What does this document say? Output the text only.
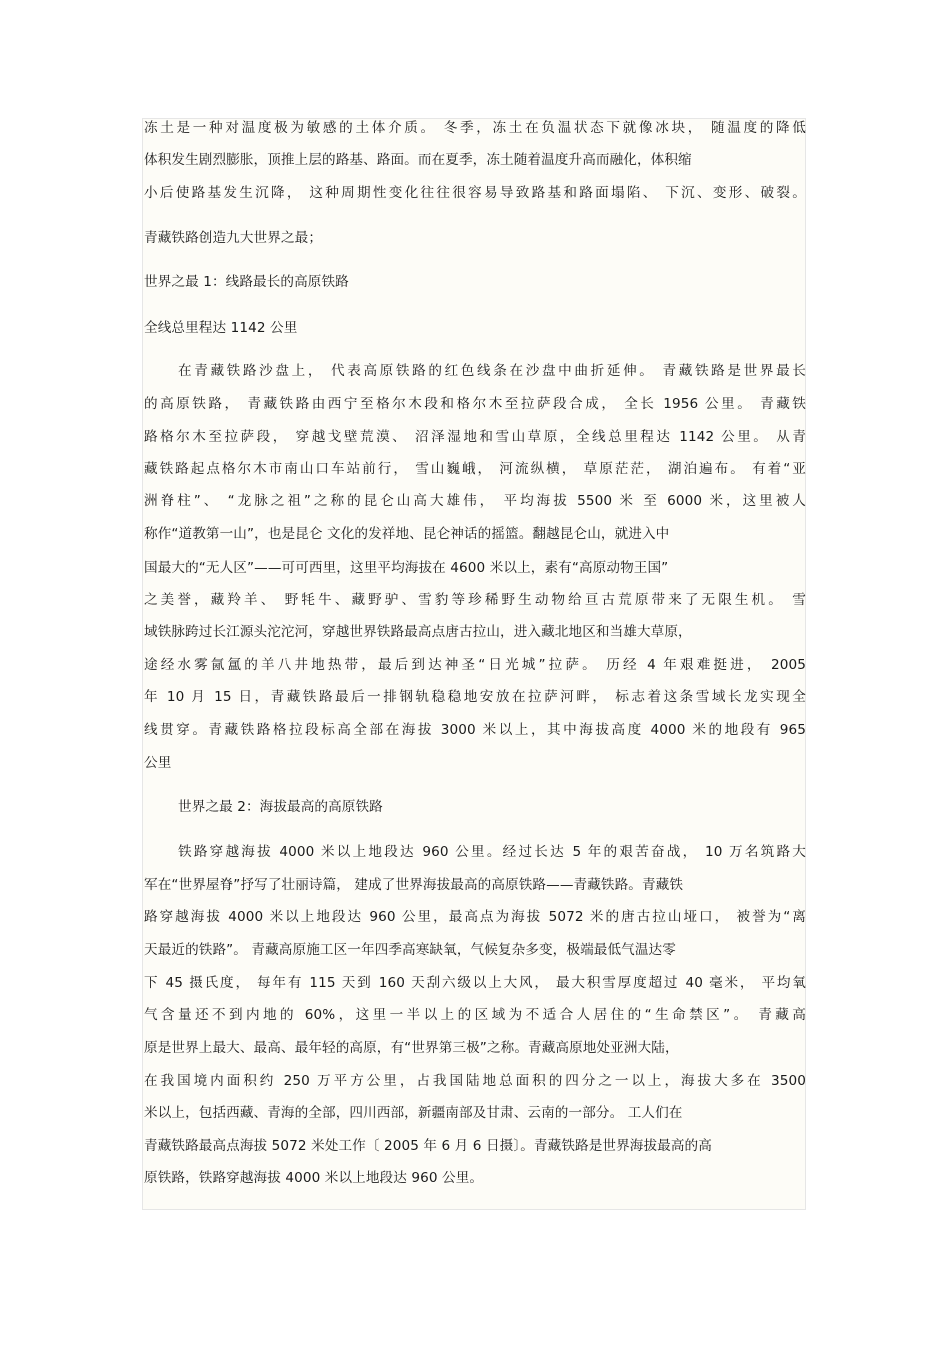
冻土是一种对温度极为敏感的土体介质。 冬季，冻土在负温状态下就像冰块， 随温度的降低
体积发生剧烈膨胀，顶推上层的路基、路面。而在夏季，冻土随着温度升高而融化，体积缩
小后使路基发生沉降， 这种周期性变化往往很容易导致路基和路面塌陷、 下沉、变形、破裂。
青藏铁路创造九大世界之最；
世界之最 1：线路最长的高原铁路
全线总里程达 1142 公里
在青藏铁路沙盘上， 代表高原铁路的红色线条在沙盘中曲折延伸。 青藏铁路是世界最长
的高原铁路， 青藏铁路由西宁至格尔木段和格尔木至拉萨段合成， 全长 1956 公里。 青藏铁
路格尔木至拉萨段， 穿越戈壁荒漠、 沼泽湿地和雪山草原，全线总里程达 1142 公里。 从青
藏铁路起点格尔木市南山口车站前行， 雪山巍峨， 河流纵横， 草原茫茫， 湖泊遍布。 有着“亚
洲脊柱”、 “龙脉之祖”之称的昆仑山高大雄伟， 平均海拔 5500 米 至 6000 米，这里被人
称作“道教第一山”，也是昆仑 文化的发祥地、昆仑神话的摇篮。翻越昆仑山，就进入中
国最大的“无人区”——可可西里，这里平均海拔在 4600 米以上，素有“高原动物王国”
之美誉，藏羚羊、 野牦牛、藏野驴、雪豹等珍稀野生动物给亘古荒原带来了无限生机。 雪
域铁脉跨过长江源头沱沱河，穿越世界铁路最高点唐古拉山，进入藏北地区和当雄大草原，
途经水雾氤氲的羊八井地热带，最后到达神圣“日光城”拉萨。 历经 4 年艰难挺进， 2005
年 10 月 15 日，青藏铁路最后一排钢轨稳稳地安放在拉萨河畔， 标志着这条雪域长龙实现全
线贯穿。青藏铁路格拉段标高全部在海拔 3000 米以上，其中海拔高度 4000 米的地段有 965
公里
世界之最 2：海拔最高的高原铁路
铁路穿越海拔 4000 米以上地段达 960 公里。经过长达 5 年的艰苦奋战， 10 万名筑路大
军在“世界屋脊”抒写了壮丽诗篇， 建成了世界海拔最高的高原铁路——青藏铁路。青藏铁
路穿越海拔 4000 米以上地段达 960 公里，最高点为海拔 5072 米的唐古拉山垭口， 被誉为“离
天最近的铁路”。 青藏高原施工区一年四季高寒缺氧，气候复杂多变，极端最低气温达零
下 45 摄氏度， 每年有 115 天到 160 天刮六级以上大风， 最大积雪厚度超过 40 毫米， 平均氧
气含量还不到内地的 60%，这里一半以上的区域为不适合人居住的“生命禁区”。 青藏高
原是世界上最大、最高、最年轻的高原，有“世界第三极”之称。青藏高原地处亚洲大陆，
在我国境内面积约 250 万平方公里，占我国陆地总面积的四分之一以上，海拔大多在 3500
米以上，包括西藏、青海的全部，四川西部，新疆南部及甘肃、云南的一部分。 工人们在
青藏铁路最高点海拔 5072 米处工作〔 2005 年 6 月 6 日摄〕。青藏铁路是世界海拔最高的高
原铁路，铁路穿越海拔 4000 米以上地段达 960 公里。
